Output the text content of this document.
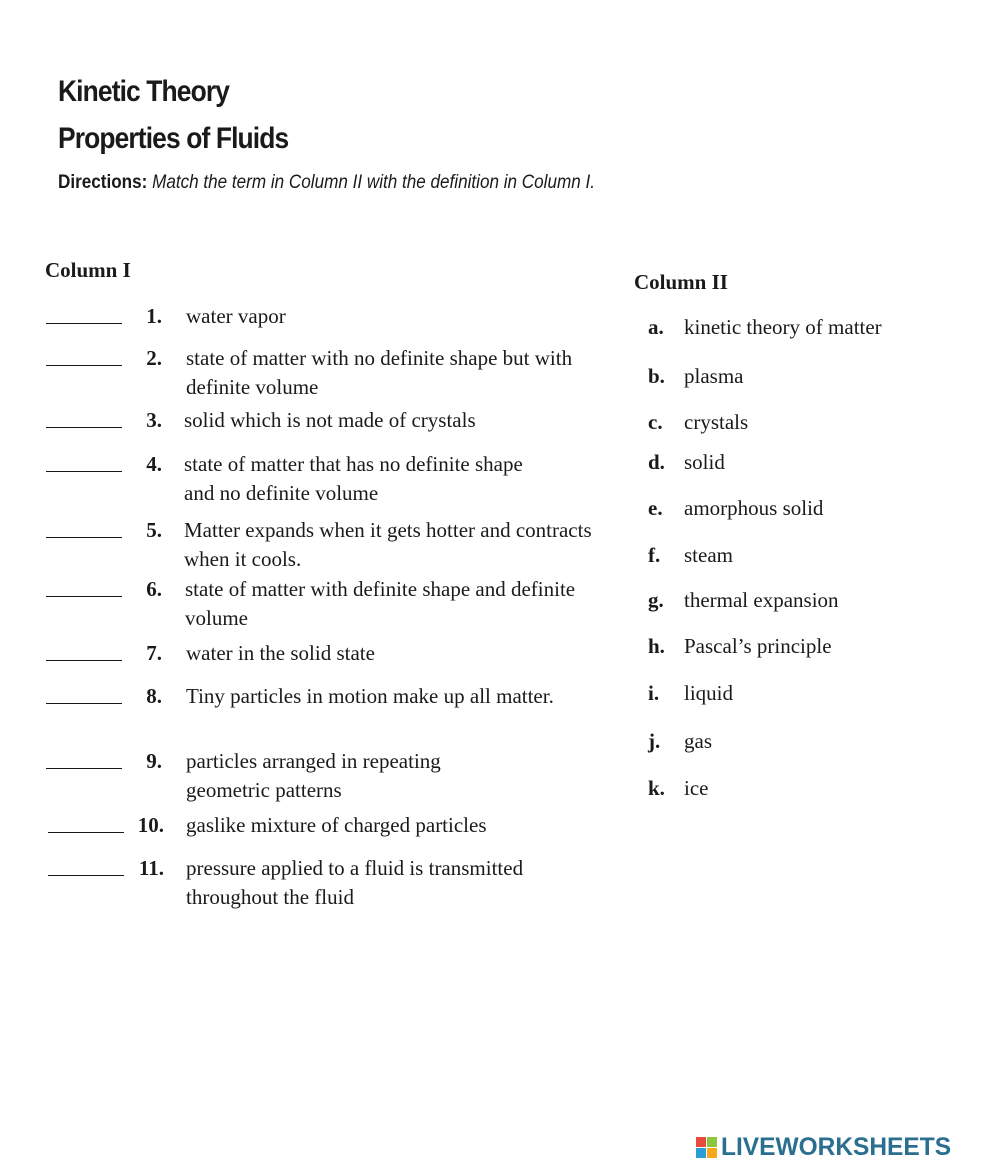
Kinetic Theory
Properties of Fluids
Directions: Match the term in Column II with the definition in Column I.
Column I
1. water vapor
2. state of matter with no definite shape but with definite volume
3. solid which is not made of crystals
4. state of matter that has no definite shape and no definite volume
5. Matter expands when it gets hotter and contracts when it cools.
6. state of matter with definite shape and definite volume
7. water in the solid state
8. Tiny particles in motion make up all matter.
9. particles arranged in repeating geometric patterns
10. gaslike mixture of charged particles
11. pressure applied to a fluid is transmitted throughout the fluid
Column II
a. kinetic theory of matter
b. plasma
c. crystals
d. solid
e. amorphous solid
f. steam
g. thermal expansion
h. Pascal’s principle
i. liquid
j. gas
k. ice
LIVEWORKSHEETS
